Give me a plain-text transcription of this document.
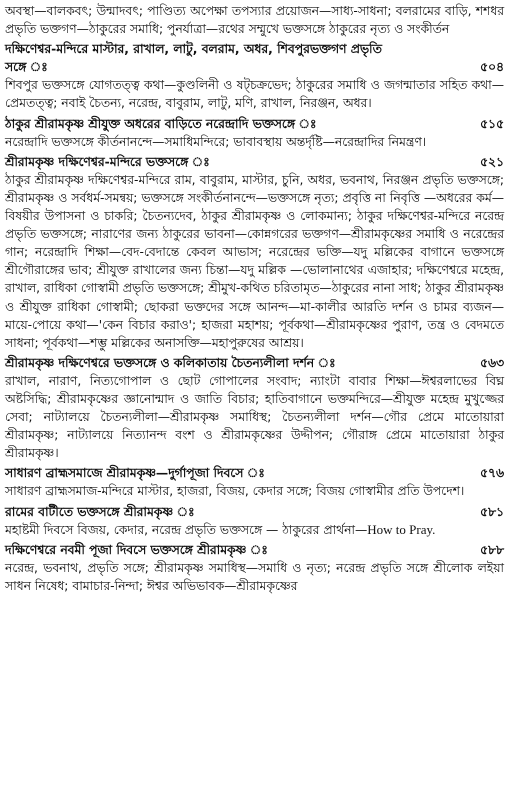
অবস্থা—বালকবৎ; উন্মাদবৎ; পাণ্ডিত্য অপেক্ষা তপস্যার প্রয়োজন—সাধ্য-সাধনা; বলরামের বাড়ি, শশধর প্রভৃতি ভক্তগণ—ঠাকুরের সমাধি; পুনর্যাত্রা—রথের সম্মুখে ভক্তসঙ্গে ঠাকুরের নৃত্য ও সংকীর্তন

দক্ষিণেশ্বর-মন্দিরে মাস্টার, রাখাল, লাটু, বলরাম, অধর, শিবপুরভক্তগণ প্রভৃতি
সঙ্গে ঃ	৫০৪

শিবপুর ভক্তসঙ্গে যোগতত্ত্ব কথা—কুণ্ডলিনী ও ষট্চক্রভেদ; ঠাকুরের সমাধি ও জগন্মাতার সহিত কথা—প্রেমতত্ত্ব; নবাই চৈতন্য, নরেন্দ্র, বাবুরাম, লাটু, মণি, রাখাল, নিরঞ্জন, অধর।

ঠাকুর শ্রীরামকৃষ্ণ শ্রীযুক্ত অধরের বাড়িতে নরেন্দ্রাদি ভক্তসঙ্গে ঃ	৫১৫

নরেন্দ্রাদি ভক্তসঙ্গে কীর্তনানন্দে—সমাধিমন্দিরে; ভাবাবস্থায় অন্তর্দৃষ্টি—নরেন্দ্রাদির নিমন্ত্রণ।

শ্রীরামকৃষ্ণ দক্ষিণেশ্বর-মন্দিরে ভক্তসঙ্গে ঃ	৫২১

ঠাকুর শ্রীরামকৃষ্ণ দক্ষিণেশ্বর-মন্দিরে রাম, বাবুরাম, মাস্টার, চুনি, অধর, ভবনাথ, নিরঞ্জন প্রভৃতি ভক্তসঙ্গে; শ্রীরামকৃষ্ণ ও সর্বধর্ম-সমন্বয়; ভক্তসঙ্গে সংকীর্তনানন্দে—ভক্তসঙ্গে নৃত্য; প্রবৃত্তি না নিবৃত্তি —অধরের কর্ম—বিষয়ীর উপাসনা ও চাকরি; চৈতন্যদেব, ঠাকুর শ্রীরামকৃষ্ণ ও লোকমান্য; ঠাকুর দক্ষিণেশ্বর-মন্দিরে নরেন্দ্র প্রভৃতি ভক্তসঙ্গে; নারাণের জন্য ঠাকুরের ভাবনা—কোন্নগরের ভক্তগণ—শ্রীরামকৃষ্ণের সমাধি ও নরেন্দ্রের গান; নরেন্দ্রাদি শিক্ষা—বেদ-বেদান্তে কেবল আভাস; নরেন্দ্রের ভক্তি—যদু মল্লিকের বাগানে ভক্তসঙ্গে শ্রীগৌরাঙ্গের ভাব; শ্রীযুক্ত রাখালের জন্য চিন্তা—যদু মল্লিক —ভোলানাথের এজাহার; দক্ষিণেশ্বরে মহেন্দ্র, রাখাল, রাধিকা গোস্বামী প্রভৃতি ভক্তসঙ্গে; শ্রীমুখ-কথিত চরিতামৃত—ঠাকুরের নানা সাধ; ঠাকুর শ্রীরামকৃষ্ণ ও শ্রীযুক্ত রাধিকা গোস্বামী; ছোকরা ভক্তদের সঙ্গে আনন্দ—মা-কালীর আরতি দর্শন ও চামর ব্যজন—মায়ে-পোয়ে কথা—'কেন বিচার করাও'; হাজরা মহাশয়; পূর্বকথা—শ্রীরামকৃষ্ণের পুরাণ, তন্ত্র ও বেদমতে সাধনা; পূর্বকথা—শম্ভু মল্লিকের অনাসক্তি—মহাপুরুষের আশ্রয়।

শ্রীরামকৃষ্ণ দক্ষিণেশ্বরে ভক্তসঙ্গে ও কলিকাতায় চৈতন্যলীলা দর্শন ঃ	৫৬৩

রাখাল, নারাণ, নিত্যগোপাল ও ছোট গোপালের সংবাদ; ন্যাংটা বাবার শিক্ষা—ঈশ্বরলাভের বিঘ্ন অষ্টসিদ্ধি; শ্রীরামকৃষ্ণের জ্ঞানোন্মাদ ও জাতি বিচার; হাতিবাগানে ভক্তমন্দিরে—শ্রীযুক্ত মহেন্দ্র মুখুজ্জের সেবা; নাট্যালয়ে চৈতন্যলীলা—শ্রীরামকৃষ্ণ সমাধিস্থ; চৈতন্যলীলা দর্শন—গৌর প্রেমে মাতোয়ারা শ্রীরামকৃষ্ণ; নাট্যালয়ে নিত্যানন্দ বংশ ও শ্রীরামকৃষ্ণের উদ্দীপন; গৌরাঙ্গ প্রেমে মাতোয়ারা ঠাকুর শ্রীরামকৃষ্ণ।

সাধারণ ব্রাহ্মসমাজে শ্রীরামকৃষ্ণ—দুর্গাপূজা দিবসে ঃ	৫৭৬

সাধারণ ব্রাহ্মসমাজ-মন্দিরে মাস্টার, হাজরা, বিজয়, কেদার সঙ্গে; বিজয় গোস্বামীর প্রতি উপদেশ।

রামের বাটীতে ভক্তসঙ্গে শ্রীরামকৃষ্ণ ঃ	৫৮১

মহাষ্টমী দিবসে বিজয়, কেদার, নরেন্দ্র প্রভৃতি ভক্তসঙ্গে — ঠাকুরের প্রার্থনা—How to Pray.

দক্ষিণেশ্বরে নবমী পূজা দিবসে ভক্তসঙ্গে শ্রীরামকৃষ্ণ ঃ	৫৮৮

নরেন্দ্র, ভবনাথ, প্রভৃতি সঙ্গে; শ্রীরামকৃষ্ণ সমাধিস্থ—সমাধি ও নৃত্য; নরেন্দ্র প্রভৃতি সঙ্গে শ্রীলোক লইয়া সাধন নিষেধ; বামাচার-নিন্দা; ঈশ্বর অভিভাবক—শ্রীরামকৃষ্ণের
